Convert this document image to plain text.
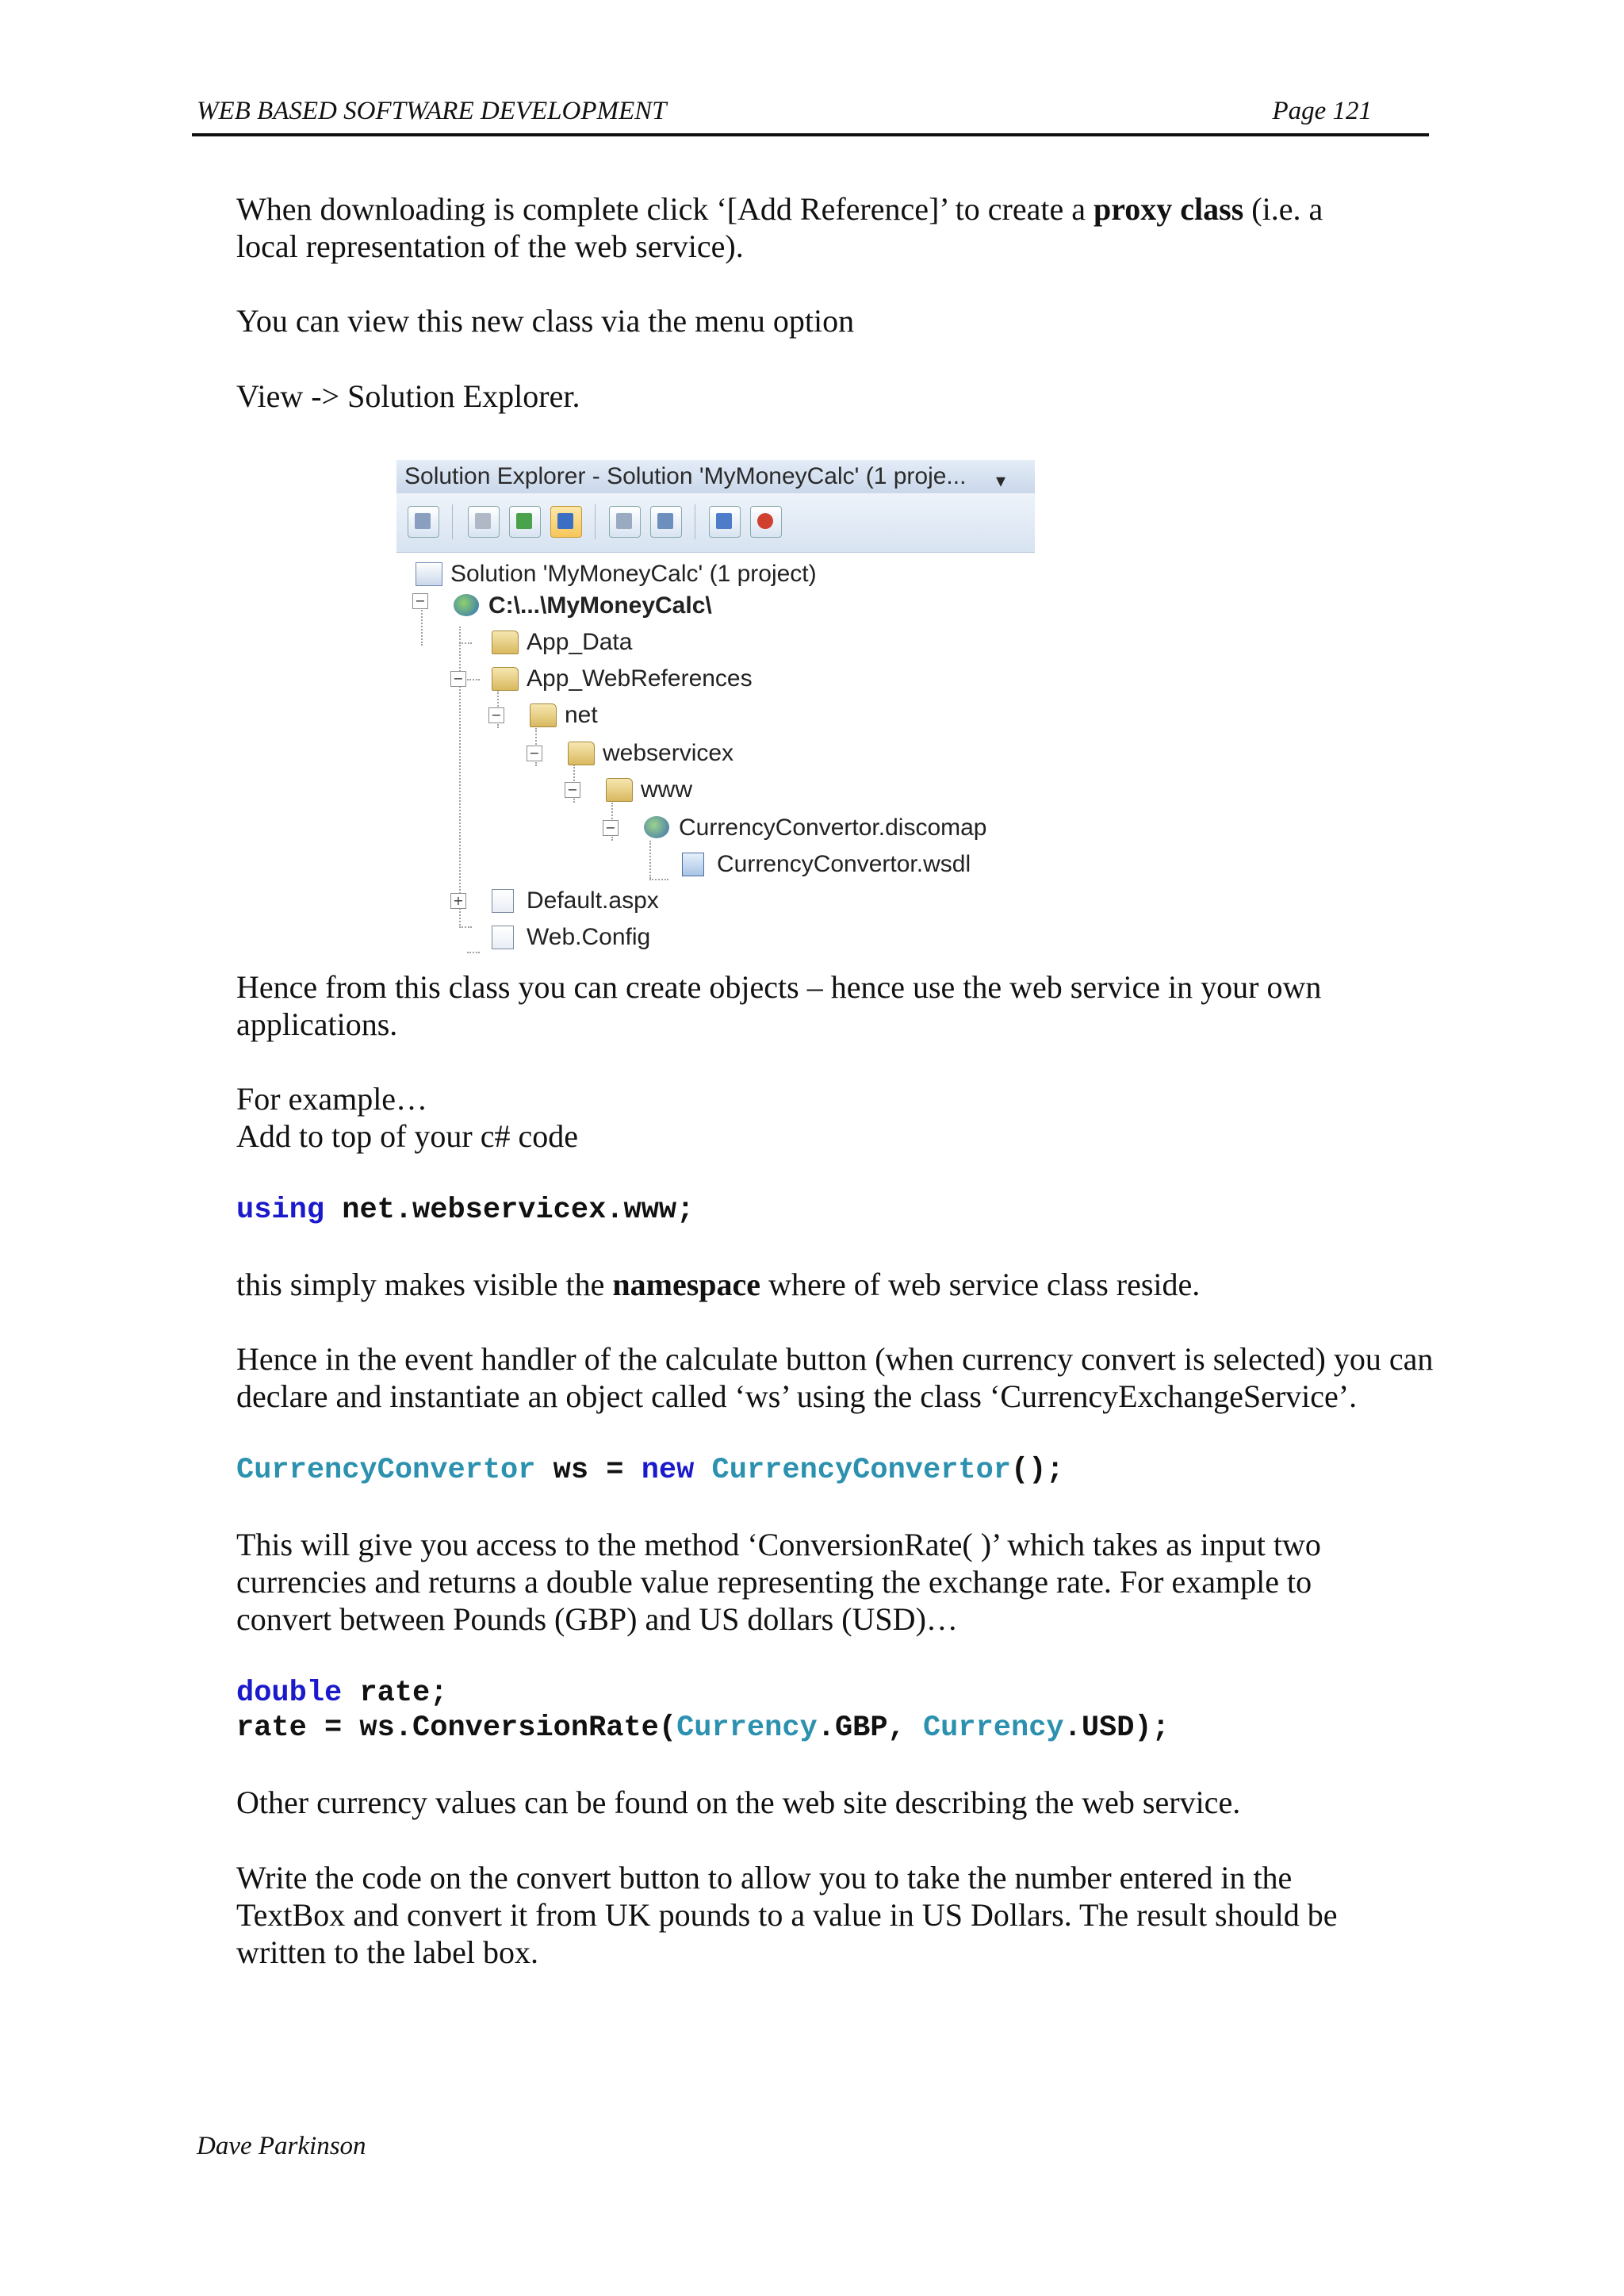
WEB BASED SOFTWARE DEVELOPMENT	Page 121

When downloading is complete click ‘[Add Reference]’ to create a proxy class (i.e. a local representation of the web service).

You can view this new class via the menu option

View -> Solution Explorer.

Hence from this class you can create objects – hence use the web service in your own applications.

For example…

Add to top of your c# code

using net.webservicex.www;

this simply makes visible the namespace where of web service class reside.

Hence in the event handler of the calculate button (when currency convert is selected) you can declare and instantiate an object called ‘ws’ using the class ‘CurrencyExchangeService’.

CurrencyConvertor ws = new CurrencyConvertor();

This will give you access to the method ‘ConversionRate( )’ which takes as input two currencies and returns a double value representing the exchange rate. For example to convert between Pounds (GBP) and US dollars (USD)…

double rate;
rate = ws.ConversionRate(Currency.GBP, Currency.USD);

Other currency values can be found on the web site describing the web service.

Write the code on the convert button to allow you to take the number entered in the TextBox and convert it from UK pounds to a value in US Dollars. The result should be written to the label box.

Solution Explorer - Solution 'MyMoneyCalc' (1 proje... ▾
Solution 'MyMoneyCalc' (1 project)
−	C:\...\MyMoneyCalc\
App_Data
−	App_WebReferences
−	net
−	webservicex
−	www
−	CurrencyConvertor.discomap
CurrencyConvertor.wsdl
+	Default.aspx
Web.Config
Dave Parkinson
